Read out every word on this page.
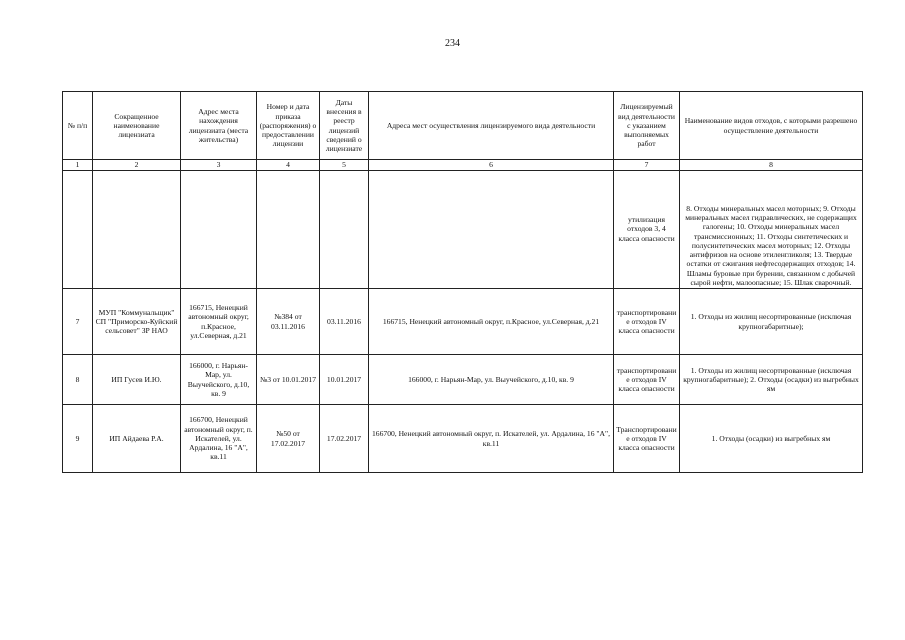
234
№ п/п	Сокращенное наименование лицензиата	Адрес места нахождения лицензиата (места жительства)	Номер и дата приказа (распоряжения) о предоставлении лицензии	Даты внесения в реестр лицензий сведений о лицензиате	Адреса мест осуществления лицензируемого вида деятельности	Лицензируемый вид деятельности с указанием выполняемых работ	Наименование видов отходов, с которыми разрешено осуществление деятельности
1	2	3	4	5	6	7	8
						утилизация отходов 3, 4 класса опасности	8. Отходы минеральных масел моторных; 9. Отходы минеральных масел гидравлических, не содержащих галогены; 10. Отходы минеральных масел трансмиссионных; 11. Отходы синтетических и полусинтетических масел моторных; 12. Отходы антифризов на основе этиленгликоля; 13. Твердые остатки от сжигания нефтесодержащих отходов; 14. Шламы буровые при бурении, связанном с добычей сырой нефти, малоопасные; 15. Шлак сварочный.
7	МУП "Коммунальщик" СП "Приморско-Куйский сельсовет" ЗР НАО	166715, Ненецкий автономный округ, п.Красное, ул.Северная, д.21	№384 от 03.11.2016	03.11.2016	166715, Ненецкий автономный округ, п.Красное, ул.Северная, д.21	транспортирование отходов IV класса опасности	1. Отходы из жилищ несортированные (исключая крупногабаритные);
8	ИП Гусев И.Ю.	166000, г. Нарьян-Мар, ул. Выучейского, д.10, кв. 9	№3 от 10.01.2017	10.01.2017	166000, г. Нарьян-Мар, ул. Выучейского, д.10, кв. 9	транспортирование отходов IV класса опасности	1. Отходы из жилищ несортированные (исключая крупногабаритные); 2. Отходы (осадки) из выгребных ям
9	ИП Айдаева Р.А.	166700, Ненецкий автономный округ, п. Искателей, ул. Ардалина, 16 "А", кв.11	№50 от 17.02.2017	17.02.2017	166700, Ненецкий автономный округ, п. Искателей, ул. Ардалина, 16 "А", кв.11	Транспортирование отходов IV класса опасности	1. Отходы (осадки) из выгребных ям
